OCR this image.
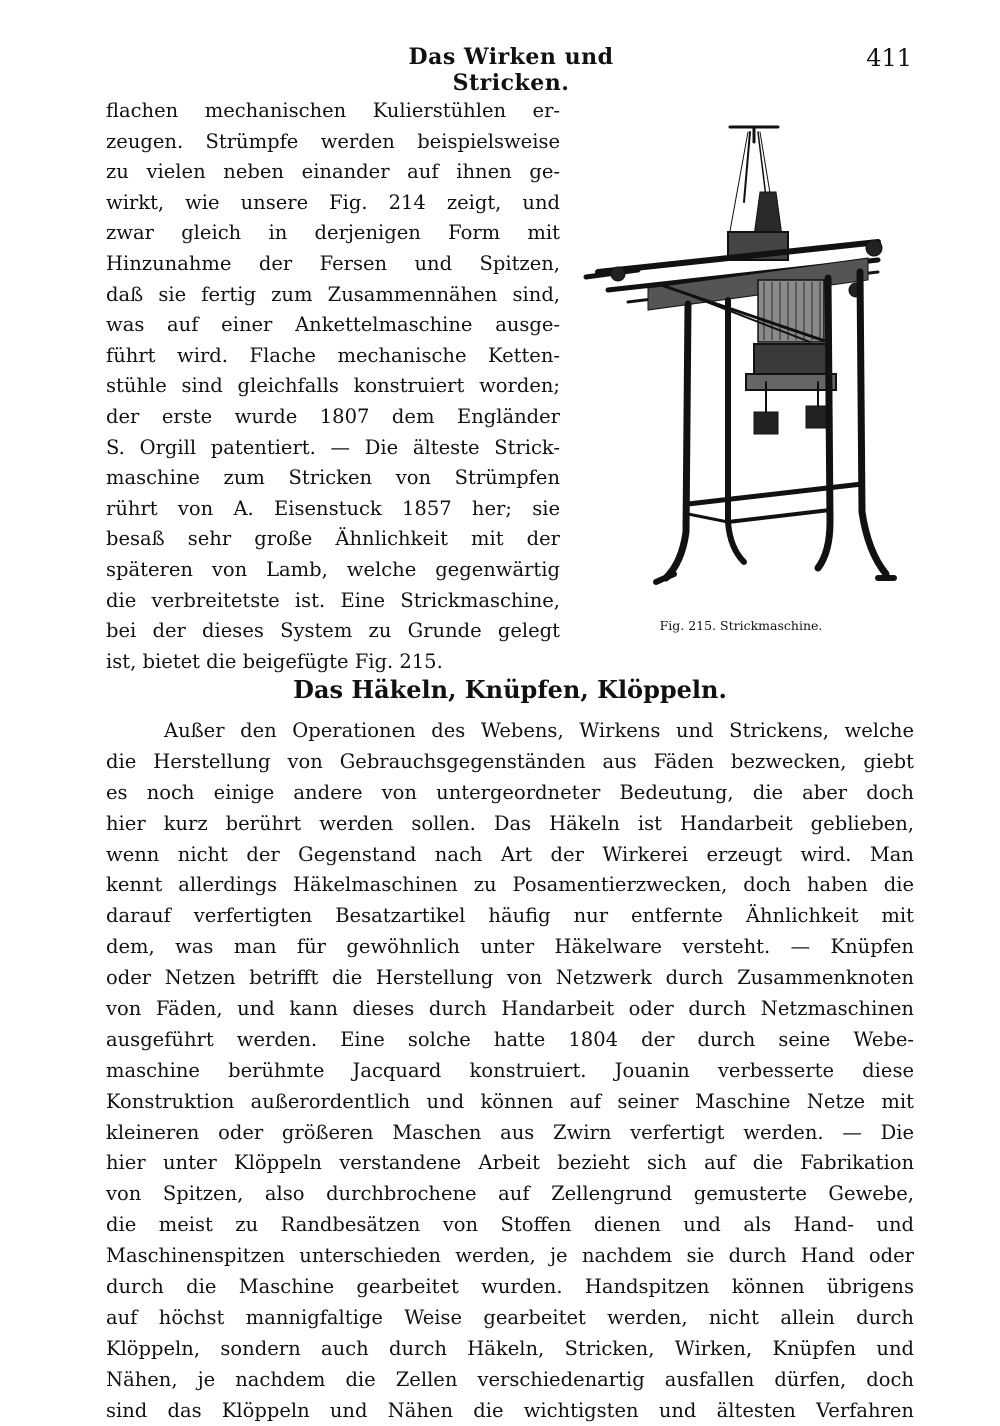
Das Wirken und Stricken.
411
flachen mechanischen Kulierstühlen er-
zeugen. Strümpfe werden beispielsweise
zu vielen neben einander auf ihnen ge-
wirkt, wie unsere Fig. 214 zeigt, und
zwar gleich in derjenigen Form mit
Hinzunahme der Fersen und Spitzen,
daß sie fertig zum Zusammennähen sind,
was auf einer Ankettelmaschine ausge-
führt wird. Flache mechanische Ketten-
stühle sind gleichfalls konstruiert worden;
der erste wurde 1807 dem Engländer
S. Orgill patentiert. — Die älteste Strick-
maschine zum Stricken von Strümpfen
rührt von A. Eisenstuck 1857 her; sie
besaß sehr große Ähnlichkeit mit der
späteren von Lamb, welche gegenwärtig
die verbreitetste ist. Eine Strickmaschine,
bei der dieses System zu Grunde gelegt
ist, bietet die beigefügte Fig. 215.
Fig. 215. Strickmaschine.
Das Häkeln, Knüpfen, Klöppeln.
Außer den Operationen des Webens, Wirkens und Strickens, welche
die Herstellung von Gebrauchsgegenständen aus Fäden bezwecken, giebt
es noch einige andere von untergeordneter Bedeutung, die aber doch
hier kurz berührt werden sollen. Das Häkeln ist Handarbeit geblieben,
wenn nicht der Gegenstand nach Art der Wirkerei erzeugt wird. Man
kennt allerdings Häkelmaschinen zu Posamentierzwecken, doch haben die
darauf verfertigten Besatzartikel häufig nur entfernte Ähnlichkeit mit
dem, was man für gewöhnlich unter Häkelware versteht. — Knüpfen
oder Netzen betrifft die Herstellung von Netzwerk durch Zusammenknoten
von Fäden, und kann dieses durch Handarbeit oder durch Netzmaschinen
ausgeführt werden. Eine solche hatte 1804 der durch seine Webe-
maschine berühmte Jacquard konstruiert. Jouanin verbesserte diese
Konstruktion außerordentlich und können auf seiner Maschine Netze mit
kleineren oder größeren Maschen aus Zwirn verfertigt werden. — Die
hier unter Klöppeln verstandene Arbeit bezieht sich auf die Fabrikation
von Spitzen, also durchbrochene auf Zellengrund gemusterte Gewebe,
die meist zu Randbesätzen von Stoffen dienen und als Hand- und
Maschinenspitzen unterschieden werden, je nachdem sie durch Hand oder
durch die Maschine gearbeitet wurden. Handspitzen können übrigens
auf höchst mannigfaltige Weise gearbeitet werden, nicht allein durch
Klöppeln, sondern auch durch Häkeln, Stricken, Wirken, Knüpfen und
Nähen, je nachdem die Zellen verschiedenartig ausfallen dürfen, doch
sind das Klöppeln und Nähen die wichtigsten und ältesten Verfahren
